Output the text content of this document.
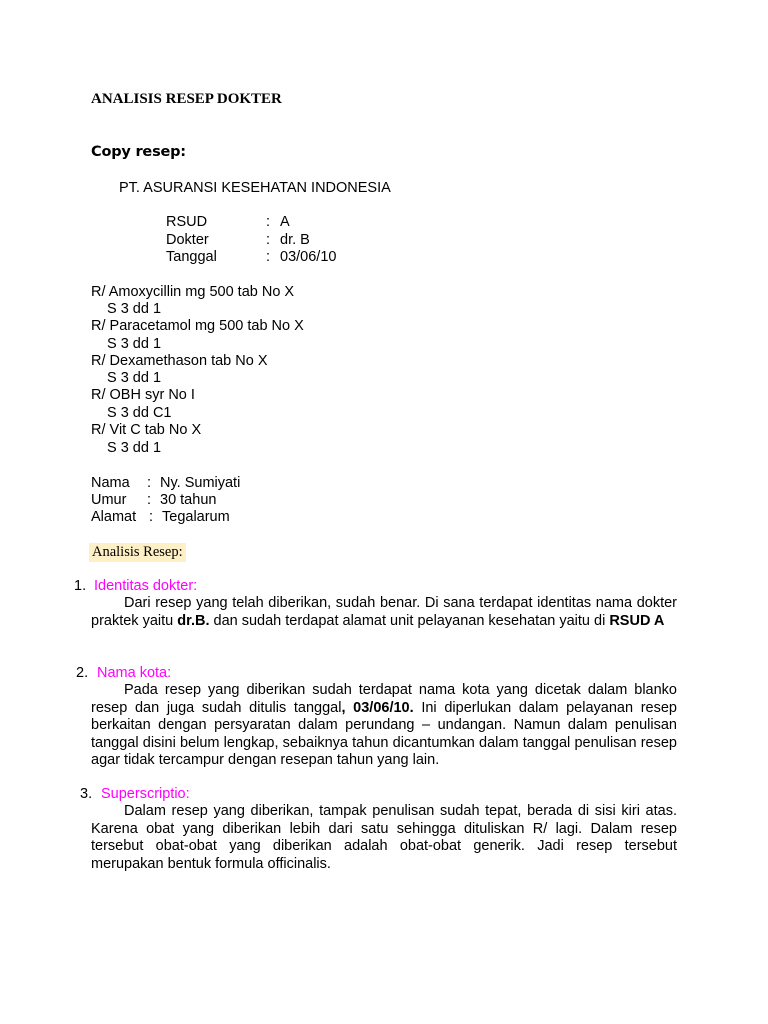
ANALISIS RESEP DOKTER
Copy resep:
PT. ASURANSI KESEHATAN INDONESIA
RSUD	: A
Dokter	: dr. B
Tanggal	: 03/06/10
R/ Amoxycillin mg 500 tab No X
S 3 dd 1
R/ Paracetamol mg 500 tab No X
S 3 dd 1
R/ Dexamethason tab No X
S 3 dd 1
R/ OBH syr No I
S 3 dd C1
R/ Vit C tab No X
S 3 dd 1
Nama : Ny. Sumiyati
Umur : 30 tahun
Alamat : Tegalarum
Analisis Resep:
1. Identitas dokter:
Dari resep yang telah diberikan, sudah benar. Di sana terdapat identitas nama dokter praktek yaitu dr.B. dan sudah terdapat alamat unit pelayanan kesehatan yaitu di RSUD A
2. Nama kota:
Pada resep yang diberikan sudah terdapat nama kota yang dicetak dalam blanko resep dan juga sudah ditulis tanggal, 03/06/10. Ini diperlukan dalam pelayanan resep berkaitan dengan persyaratan dalam perundang – undangan. Namun dalam penulisan tanggal disini belum lengkap, sebaiknya tahun dicantumkan dalam tanggal penulisan resep agar tidak tercampur dengan resepan tahun yang lain.
3. Superscriptio:
Dalam resep yang diberikan, tampak penulisan sudah tepat, berada di sisi kiri atas. Karena obat yang diberikan lebih dari satu sehingga dituliskan R/ lagi. Dalam resep tersebut obat-obat yang diberikan adalah obat-obat generik. Jadi resep tersebut merupakan bentuk formula officinalis.
